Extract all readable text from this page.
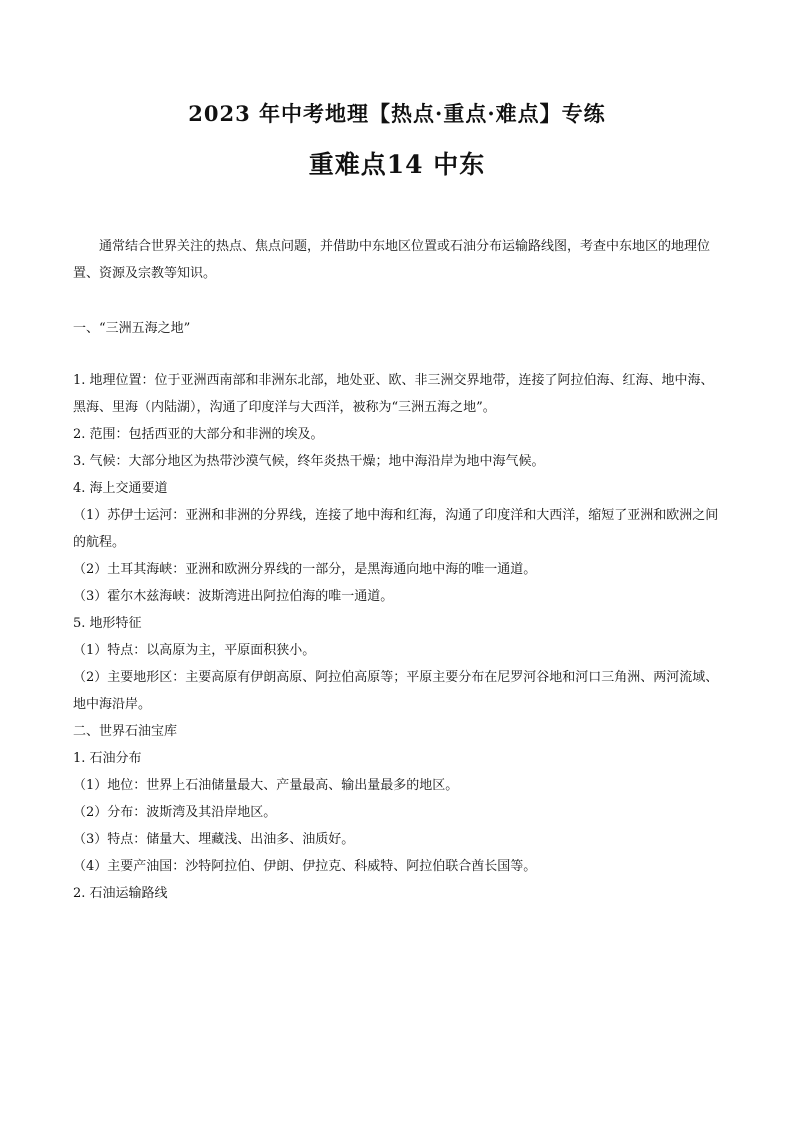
2023 年中考地理【热点·重点·难点】专练
重难点14 中东
通常结合世界关注的热点、焦点问题，并借助中东地区位置或石油分布运输路线图，考查中东地区的地理位置、资源及宗教等知识。
一、“三洲五海之地”
1. 地理位置：位于亚洲西南部和非洲东北部，地处亚、欧、非三洲交界地带，连接了阿拉伯海、红海、地中海、黑海、里海（内陆湖），沟通了印度洋与大西洋，被称为“三洲五海之地”。
2. 范围：包括西亚的大部分和非洲的埃及。
3. 气候：大部分地区为热带沙漠气候，终年炎热干燥；地中海沿岸为地中海气候。
4. 海上交通要道
（1）苏伊士运河：亚洲和非洲的分界线，连接了地中海和红海，沟通了印度洋和大西洋，缩短了亚洲和欧洲之间的航程。
（2）土耳其海峡：亚洲和欧洲分界线的一部分，是黑海通向地中海的唯一通道。
（3）霍尔木兹海峡：波斯湾进出阿拉伯海的唯一通道。
5. 地形特征
（1）特点：以高原为主，平原面积狭小。
（2）主要地形区：主要高原有伊朗高原、阿拉伯高原等；平原主要分布在尼罗河谷地和河口三角洲、两河流域、地中海沿岸。
二、世界石油宝库
1. 石油分布
（1）地位：世界上石油储量最大、产量最高、输出量最多的地区。
（2）分布：波斯湾及其沿岸地区。
（3）特点：储量大、埋藏浅、出油多、油质好。
（4）主要产油国：沙特阿拉伯、伊朗、伊拉克、科威特、阿拉伯联合酋长国等。
2. 石油运输路线
